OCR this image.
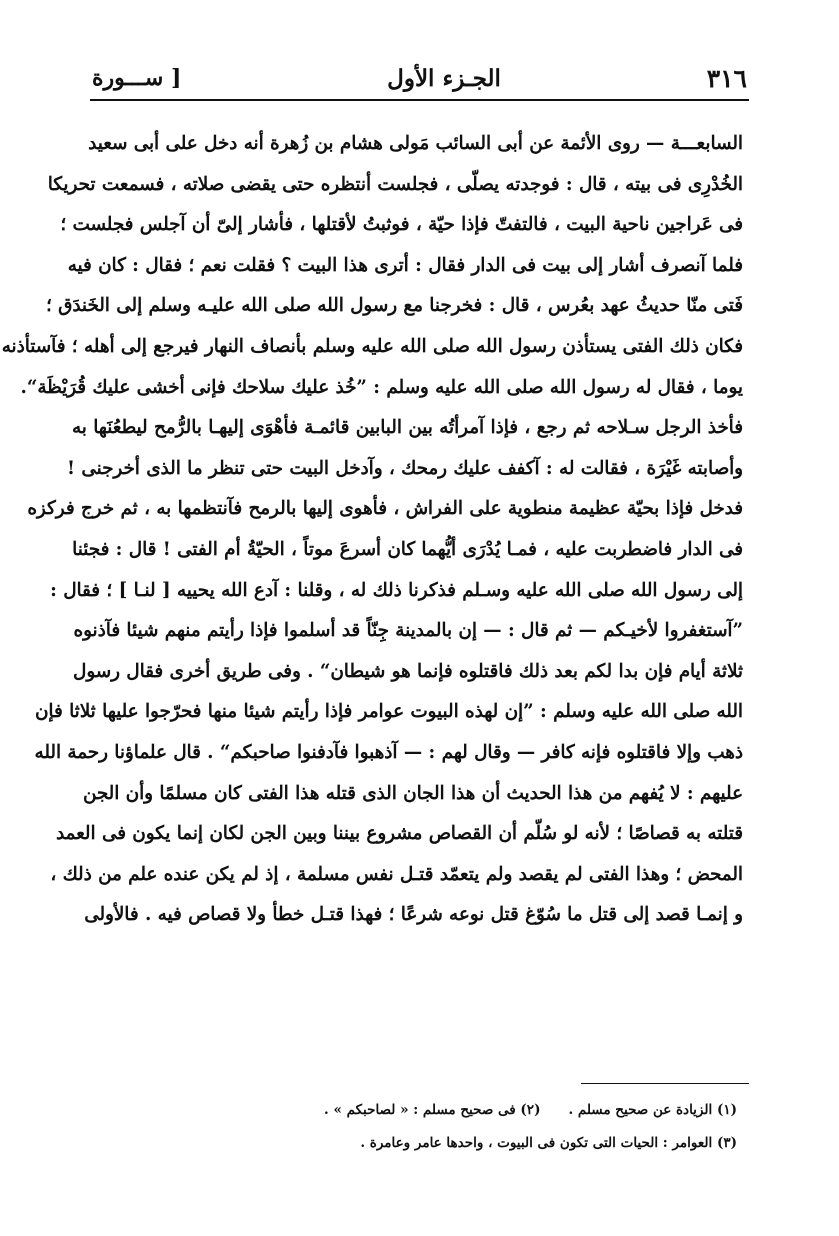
٣١٦
الجـزء الأول
[ ســـورة
السابعـــة — روى الأئمة عن أبى السائب مَولى هشام بن زُهرة أنه دخل على أبى سعيد
الخُدْرِى فى بيته ، قال : فوجدته يصلّى ، فجلست أنتظره حتى يقضى صلاته ، فسمعت تحريكا
فى عَراجين ناحية البيت ، فالتفتّ فإذا حيّة ، فوثبتُ لأقتلها ، فأشار إلىّ أن آجلس فجلست ؛
فلما آنصرف أشار إلى بيت فى الدار فقال : أترى هذا البيت ؟ فقلت نعم ؛ فقال : كان فيه
فَتى منّا حديثُ عهد بعُرس ، قال : فخرجنا مع رسول الله صلى الله عليـه وسلم إلى الخَندَق ؛
فكان ذلك الفتى يستأذن رسول الله صلى الله عليه وسلم بأنصاف النهار فيرجع إلى أهله ؛ فآستأذنه
يوما ، فقال له رسول الله صلى الله عليه وسلم : ”خُذ عليك سلاحك فإنى أخشى عليك قُرَيْظَة“.
فأخذ الرجل سـلاحه ثم رجع ، فإذا آمرأتُه بين البابين قائمـة فأهْوَى إليهـا بالرُّمح ليطعُنَها به
وأصابته غَيْرَة ، فقالت له : آكفف عليك رمحك ، وآدخل البيت حتى تنظر ما الذى أخرجنى !
فدخل فإذا بحيّة عظيمة منطوية على الفراش ، فأهوى إليها بالرمح فآنتظمها به ، ثم خرج فركزه
فى الدار فاضطربت عليه ، فمـا يُدْرَى أيُّهما كان أسرعَ موتاً ، الحيّةُ أم الفتى ! قال : فجئنا
إلى رسول الله صلى الله عليه وسـلم فذكرنا ذلك له ، وقلنا : آدع الله يحييه [ لنـا ] ؛ فقال :
”آستغفروا لأخيـكم — ثم قال : — إن بالمدينة جِنّاً قد أسلموا فإذا رأيتم منهم شيئا فآذنوه
ثلاثة أيام فإن بدا لكم بعد ذلك فاقتلوه فإنما هو شيطان“ . وفى طريق أخرى فقال رسول
الله صلى الله عليه وسلم : ”إن لهذه البيوت عوامر فإذا رأيتم شيئا منها فحرّجوا عليها ثلاثا فإن
ذهب وإلا فاقتلوه فإنه كافر — وقال لهم : — آذهبوا فآدفنوا صاحبكم“ . قال علماؤنا رحمة الله
عليهم : لا يُفهم من هذا الحديث أن هذا الجان الذى قتله هذا الفتى كان مسلمًا وأن الجن
قتلته به قصاصًا ؛ لأنه لو سُلّم أن القصاص مشروع بيننا وبين الجن لكان إنما يكون فى العمد
المحض ؛ وهذا الفتى لم يقصد ولم يتعمّد قتـل نفس مسلمة ، إذ لم يكن عنده علم من ذلك ،
و إنمـا قصد إلى قتل ما سُوّغ قتل نوعه شرعًا ؛ فهذا قتـل خطأ ولا قصاص فيه . فالأولى
(١) الزيادة عن صحيح مسلم .
(٢) فى صحيح مسلم : « لصاحبكم » .
(٣) العوامر : الحيات التى تكون فى البيوت ، واحدها عامر وعامرة .
